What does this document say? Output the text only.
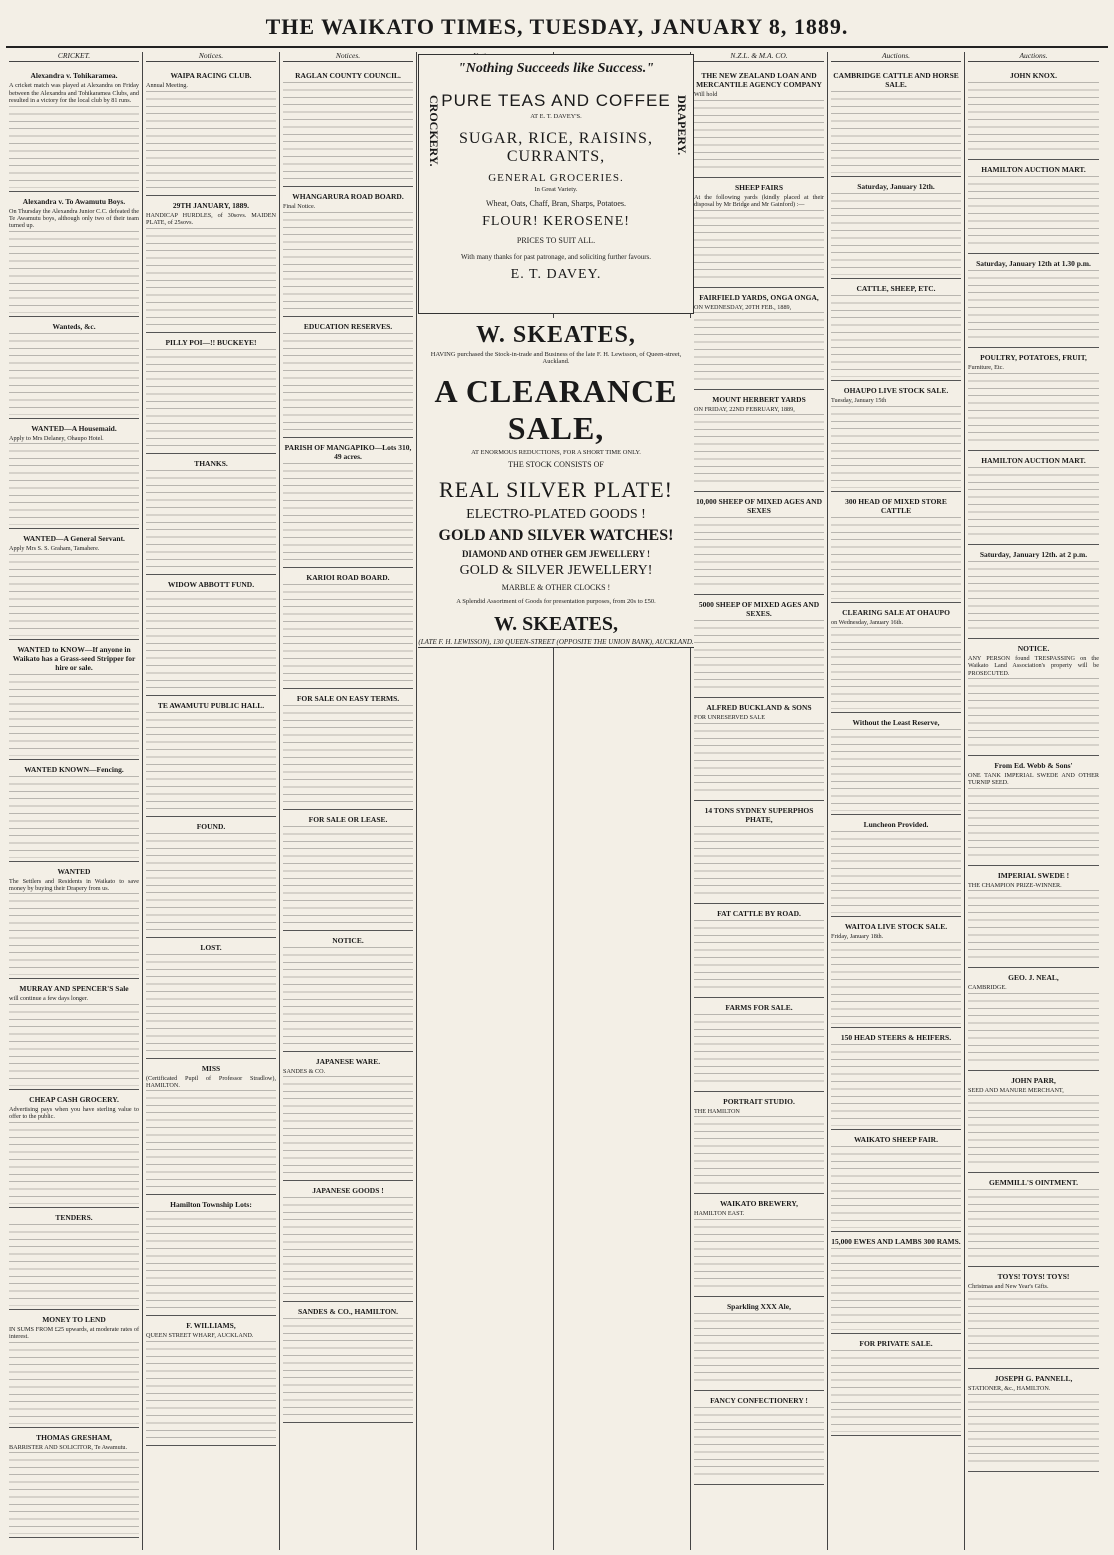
THE WAIKATO TIMES, TUESDAY, JANUARY 8, 1889.
CRICKET.
Alexandra v. Tohikaramea.
A cricket match was played at Alexandra on Friday between the Alexandra and Tohikaramea Clubs, and resulted in a victory for the local club by 81 runs.
Alexandra v. To Awamutu Boys.
On Thursday the Alexandra Junior C.C. defeated the Te Awamutu boys, although only two of their team turned up.
Wanteds, &c.
WANTED—A Housemaid.
Apply to Mrs Delaney, Ohaupo Hotel.
WANTED—A General Servant.
Apply Mrs S. S. Graham, Tamahere.
WANTED to KNOW—If anyone in Waikato has a Grass-seed Stripper for hire or sale.
WANTED KNOWN—Fencing.
WANTED
The Settlers and Residents in Waikato to save money by buying their Drapery from us.
MURRAY AND SPENCER'S Sale
will continue a few days longer.
CHEAP CASH GROCERY.
Advertising pays when you have sterling value to offer to the public.
TENDERS.
MONEY TO LEND
IN SUMS FROM £25 upwards, at moderate rates of interest.
THOMAS GRESHAM,
BARRISTER AND SOLICITOR, Te Awamutu.
Notices.
WAIPA RACING CLUB.
Annual Meeting.
29TH JANUARY, 1889.
HANDICAP HURDLES, of 30sovs. MAIDEN PLATE, of 25sovs.
PILLY POI—!! BUCKEYE!
THANKS.
WIDOW ABBOTT FUND.
TE AWAMUTU PUBLIC HALL.
FOUND.
LOST.
MISS
(Certificated Pupil of Professor Stradlow), HAMILTON.
Hamilton Township Lots:
F. WILLIAMS,
QUEEN STREET WHARF, AUCKLAND.
Notices.
RAGLAN COUNTY COUNCIL.
WHANGARURA ROAD BOARD.
Final Notice.
EDUCATION RESERVES.
PARISH OF MANGAPIKO—Lots 310, 49 acres.
KARIOI ROAD BOARD.
FOR SALE ON EASY TERMS.
FOR SALE OR LEASE.
NOTICE.
JAPANESE WARE.
SANDES & CO.
JAPANESE GOODS !
SANDES & CO., HAMILTON.
N.Z.L. & M.A. CO.
THE NEW ZEALAND LOAN AND MERCANTILE AGENCY COMPANY
Will hold
SHEEP FAIRS
At the following yards (kindly placed at their disposal by Mr Bridge and Mr Gainford) :—
FAIRFIELD YARDS, ONGA ONGA,
ON WEDNESDAY, 20TH FEB., 1889,
MOUNT HERBERT YARDS
ON FRIDAY, 22ND FEBRUARY, 1889,
10,000 SHEEP OF MIXED AGES AND SEXES
5000 SHEEP OF MIXED AGES AND SEXES.
ALFRED BUCKLAND & SONS
FOR UNRESERVED SALE
14 TONS SYDNEY SUPERPHOS PHATE,
FAT CATTLE BY ROAD.
FARMS FOR SALE.
PORTRAIT STUDIO.
THE HAMILTON
WAIKATO BREWERY,
HAMILTON EAST.
Sparkling XXX Ale,
FANCY CONFECTIONERY !
Auctions.
CAMBRIDGE CATTLE AND HORSE SALE.
Saturday, January 12th.
CATTLE, SHEEP, ETC.
OHAUPO LIVE STOCK SALE.
Tuesday, January 15th
300 HEAD OF MIXED STORE CATTLE
CLEARING SALE AT OHAUPO
on Wednesday, January 16th.
Without the Least Reserve,
Luncheon Provided.
WAITOA LIVE STOCK SALE.
Friday, January 18th.
150 HEAD STEERS & HEIFERS.
WAIKATO SHEEP FAIR.
15,000 EWES AND LAMBS 300 RAMS.
FOR PRIVATE SALE.
Auctions.
JOHN KNOX.
HAMILTON AUCTION MART.
Saturday, January 12th at 1.30 p.m.
POULTRY, POTATOES, FRUIT,
Furniture, Etc.
HAMILTON AUCTION MART.
Saturday, January 12th. at 2 p.m.
NOTICE.
ANY PERSON found TRESPASSING on the Waikato Land Association's property will be PROSECUTED.
From Ed. Webb & Sons'
ONE TANK IMPERIAL SWEDE AND OTHER TURNIP SEED.
IMPERIAL SWEDE !
THE CHAMPION PRIZE-WINNER.
GEO. J. NEAL,
CAMBRIDGE.
JOHN PARR,
SEED AND MANURE MERCHANT,
GEMMILL'S OINTMENT.
TOYS! TOYS! TOYS!
Christmas and New Year's Gifts.
JOSEPH G. PANNELL,
STATIONER, &c., HAMILTON.
CROCKERY.	DRAPERY.
"Nothing Succeeds like Success."
PURE TEAS AND COFFEE
AT E. T. DAVEY'S.
SUGAR, RICE, RAISINS, CURRANTS,
GENERAL GROCERIES.
In Great Variety.
Wheat, Oats, Chaff, Bran, Sharps, Potatoes.
FLOUR! KEROSENE!
PRICES TO SUIT ALL.
With many thanks for past patronage, and soliciting further favours.
E. T. DAVEY.
W. SKEATES,
HAVING purchased the Stock-in-trade and Business of the late F. H. Lewisson, of Queen-street, Auckland.
A CLEARANCE SALE,
AT ENORMOUS REDUCTIONS, FOR A SHORT TIME ONLY.
THE STOCK CONSISTS OF
REAL SILVER PLATE!
ELECTRO-PLATED GOODS !
GOLD AND SILVER WATCHES!
DIAMOND AND OTHER GEM JEWELLERY !
GOLD & SILVER JEWELLERY!
MARBLE & OTHER CLOCKS !
A Splendid Assortment of Goods for presentation purposes, from 20s to £50.
W. SKEATES,
(LATE F. H. LEWISSON), 130 QUEEN-STREET (OPPOSITE THE UNION BANK), AUCKLAND.
